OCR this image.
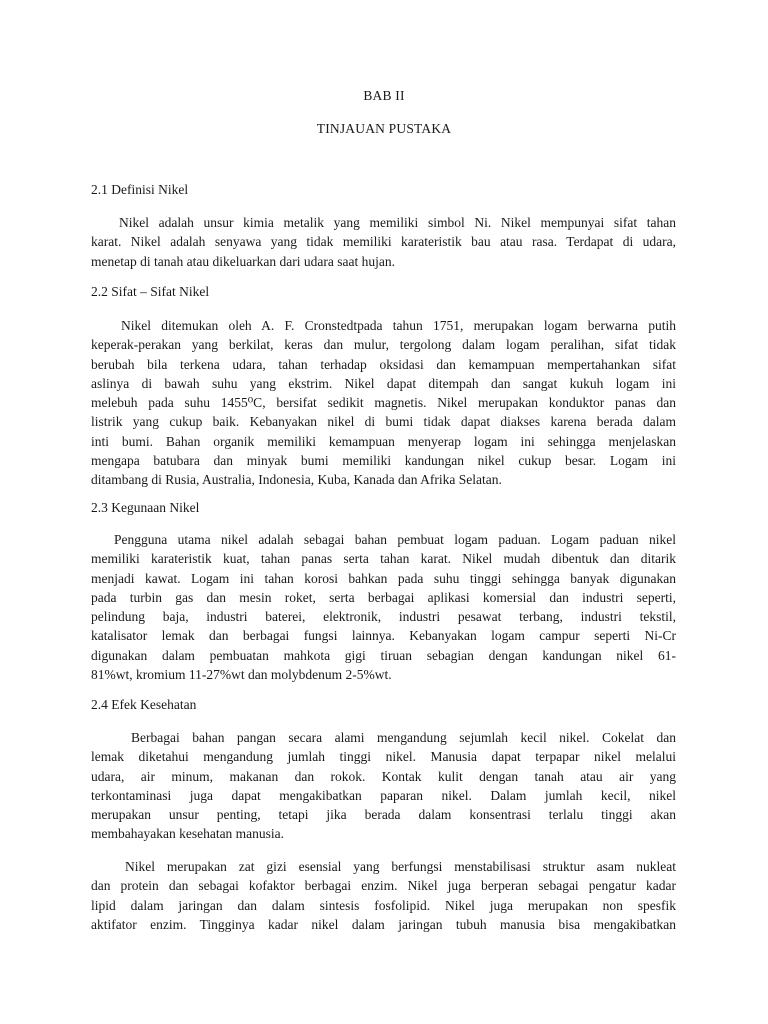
BAB II
TINJAUAN PUSTAKA
2.1 Definisi Nikel

Nikel adalah unsur kimia metalik yang memiliki simbol Ni. Nikel mempunyai sifat tahan
karat. Nikel adalah senyawa yang tidak memiliki karateristik bau atau rasa. Terdapat di udara,
menetap di tanah atau dikeluarkan dari udara saat hujan.

2.2 Sifat – Sifat Nikel

Nikel ditemukan oleh A. F. Cronstedtpada tahun 1751, merupakan logam berwarna putih
keperak-perakan yang berkilat, keras dan mulur, tergolong dalam logam peralihan, sifat tidak
berubah bila terkena udara, tahan terhadap oksidasi dan kemampuan mempertahankan sifat
aslinya di bawah suhu yang ekstrim. Nikel dapat ditempah dan sangat kukuh logam ini
melebuh pada suhu 1455⁰C, bersifat sedikit magnetis. Nikel merupakan konduktor panas dan
listrik yang cukup baik. Kebanyakan nikel di bumi tidak dapat diakses karena berada dalam
inti bumi. Bahan organik memiliki kemampuan menyerap logam ini sehingga menjelaskan
mengapa batubara dan minyak bumi memiliki kandungan nikel cukup besar. Logam ini
ditambang di Rusia, Australia, Indonesia, Kuba, Kanada dan Afrika Selatan.

2.3 Kegunaan Nikel

Pengguna utama nikel adalah sebagai bahan pembuat logam paduan. Logam paduan nikel
memiliki karateristik kuat, tahan panas serta tahan karat. Nikel mudah dibentuk dan ditarik
menjadi kawat. Logam ini tahan korosi bahkan pada suhu tinggi sehingga banyak digunakan
pada turbin gas dan mesin roket, serta berbagai aplikasi komersial dan industri seperti,
pelindung baja, industri baterei, elektronik, industri pesawat terbang, industri tekstil,
katalisator lemak dan berbagai fungsi lainnya. Kebanyakan logam campur seperti Ni-Cr
digunakan dalam pembuatan mahkota gigi tiruan sebagian dengan kandungan nikel 61-
81%wt, kromium 11-27%wt dan molybdenum 2-5%wt.

2.4 Efek Kesehatan

Berbagai bahan pangan secara alami mengandung sejumlah kecil nikel. Cokelat dan
lemak diketahui mengandung jumlah tinggi nikel. Manusia dapat terpapar nikel melalui
udara, air minum, makanan dan rokok. Kontak kulit dengan tanah atau air yang
terkontaminasi juga dapat mengakibatkan paparan nikel. Dalam jumlah kecil, nikel
merupakan unsur penting, tetapi jika berada dalam konsentrasi terlalu tinggi akan
membahayakan kesehatan manusia.

Nikel merupakan zat gizi esensial yang berfungsi menstabilisasi struktur asam nukleat
dan protein dan sebagai kofaktor berbagai enzim. Nikel juga berperan sebagai pengatur kadar
lipid dalam jaringan dan dalam sintesis fosfolipid. Nikel juga merupakan non spesfik
aktifator enzim. Tingginya kadar nikel dalam jaringan tubuh manusia bisa mengakibatkan
